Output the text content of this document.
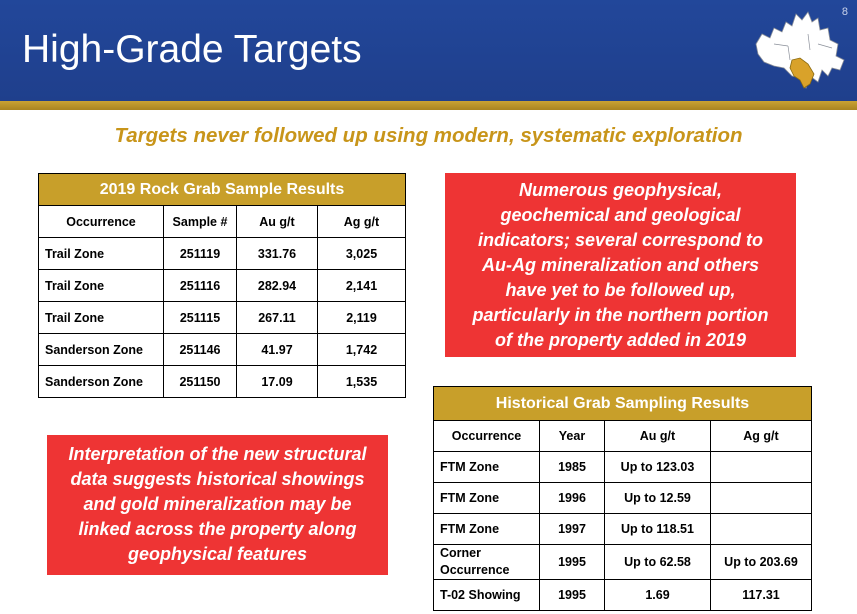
High-Grade Targets
8
Targets never followed up using modern, systematic exploration
2019 Rock Grab Sample Results			
Occurrence	Sample #	Au g/t	Ag g/t
Trail Zone	251119	331.76	3,025
Trail Zone	251116	282.94	2,141
Trail Zone	251115	267.11	2,119
Sanderson Zone	251146	41.97	1,742
Sanderson Zone	251150	17.09	1,535
Numerous geophysical,
geochemical and geological
indicators; several correspond to
Au-Ag mineralization and others
have yet to be followed up,
particularly in the northern portion
of the property added in 2019
Interpretation of the new structural
data suggests historical showings
and gold mineralization may be
linked across the property along
geophysical features
Historical Grab Sampling Results			
Occurrence	Year	Au g/t	Ag g/t
FTM Zone	1985	Up to 123.03	
FTM Zone	1996	Up to 12.59	
FTM Zone	1997	Up to 118.51	
Corner Occurrence	1995	Up to 62.58	Up to 203.69
T-02 Showing	1995	1.69	117.31
